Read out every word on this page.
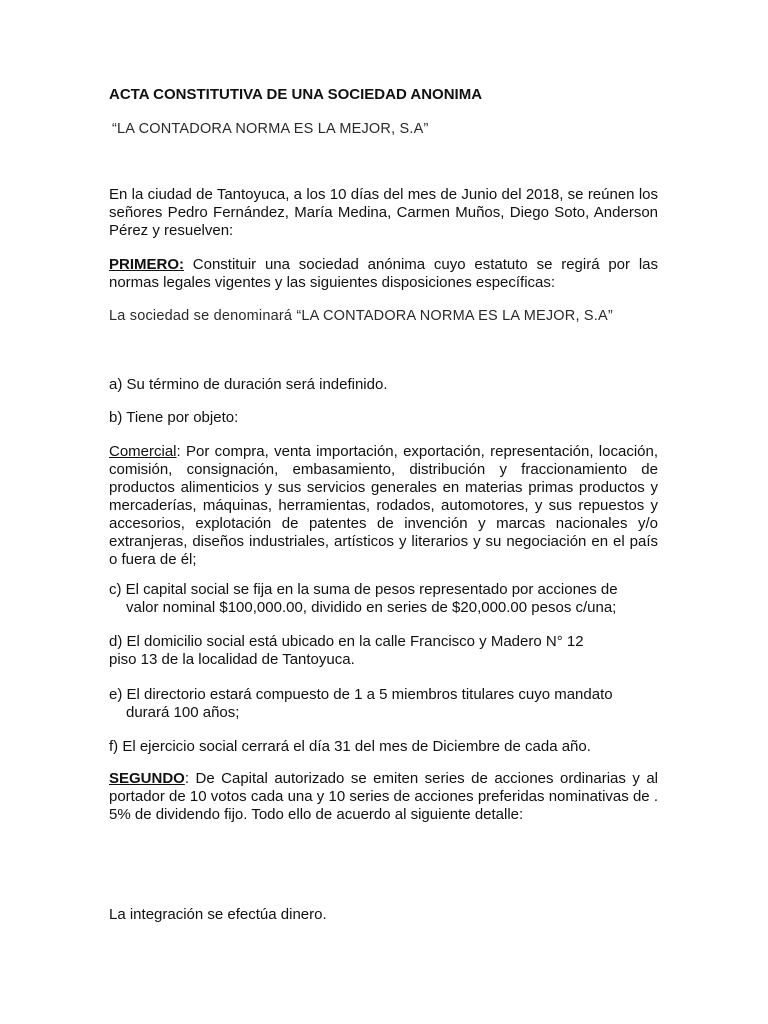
ACTA CONSTITUTIVA DE UNA SOCIEDAD ANONIMA

“LA CONTADORA NORMA ES LA MEJOR, S.A”

En la ciudad de Tantoyuca, a los 10 días del mes de Junio del 2018, se reúnen los señores Pedro Fernández, María Medina, Carmen Muños, Diego Soto, Anderson Pérez y resuelven:

PRIMERO: Constituir una sociedad anónima cuyo estatuto se regirá por las normas legales vigentes y las siguientes disposiciones específicas:

La sociedad se denominará “LA CONTADORA NORMA ES LA MEJOR, S.A”

a) Su término de duración será indefinido.

b) Tiene por objeto:

Comercial: Por compra, venta importación, exportación, representación, locación, comisión, consignación, embasamiento, distribución y fraccionamiento de productos alimenticios y sus servicios generales en materias primas productos y mercaderías, máquinas, herramientas, rodados, automotores, y sus repuestos y accesorios, explotación de patentes de invención y marcas nacionales y/o extranjeras, diseños industriales, artísticos y literarios y su negociación en el país o fuera de él;

c) El capital social se fija en la suma de pesos representado por acciones de
valor nominal $100,000.00, dividido en series de $20,000.00 pesos c/una;

d) El domicilio social está ubicado en la calle Francisco y Madero N° 12
piso 13 de la localidad de Tantoyuca.

e) El directorio estará compuesto de 1 a 5 miembros titulares cuyo mandato
durará 100 años;

f) El ejercicio social cerrará el día 31 del mes de Diciembre de cada año.

SEGUNDO: De Capital autorizado se emiten series de acciones ordinarias y al portador de 10 votos cada una y 10 series de acciones preferidas nominativas de . 5% de dividendo fijo. Todo ello de acuerdo al siguiente detalle:

La integración se efectúa dinero.
